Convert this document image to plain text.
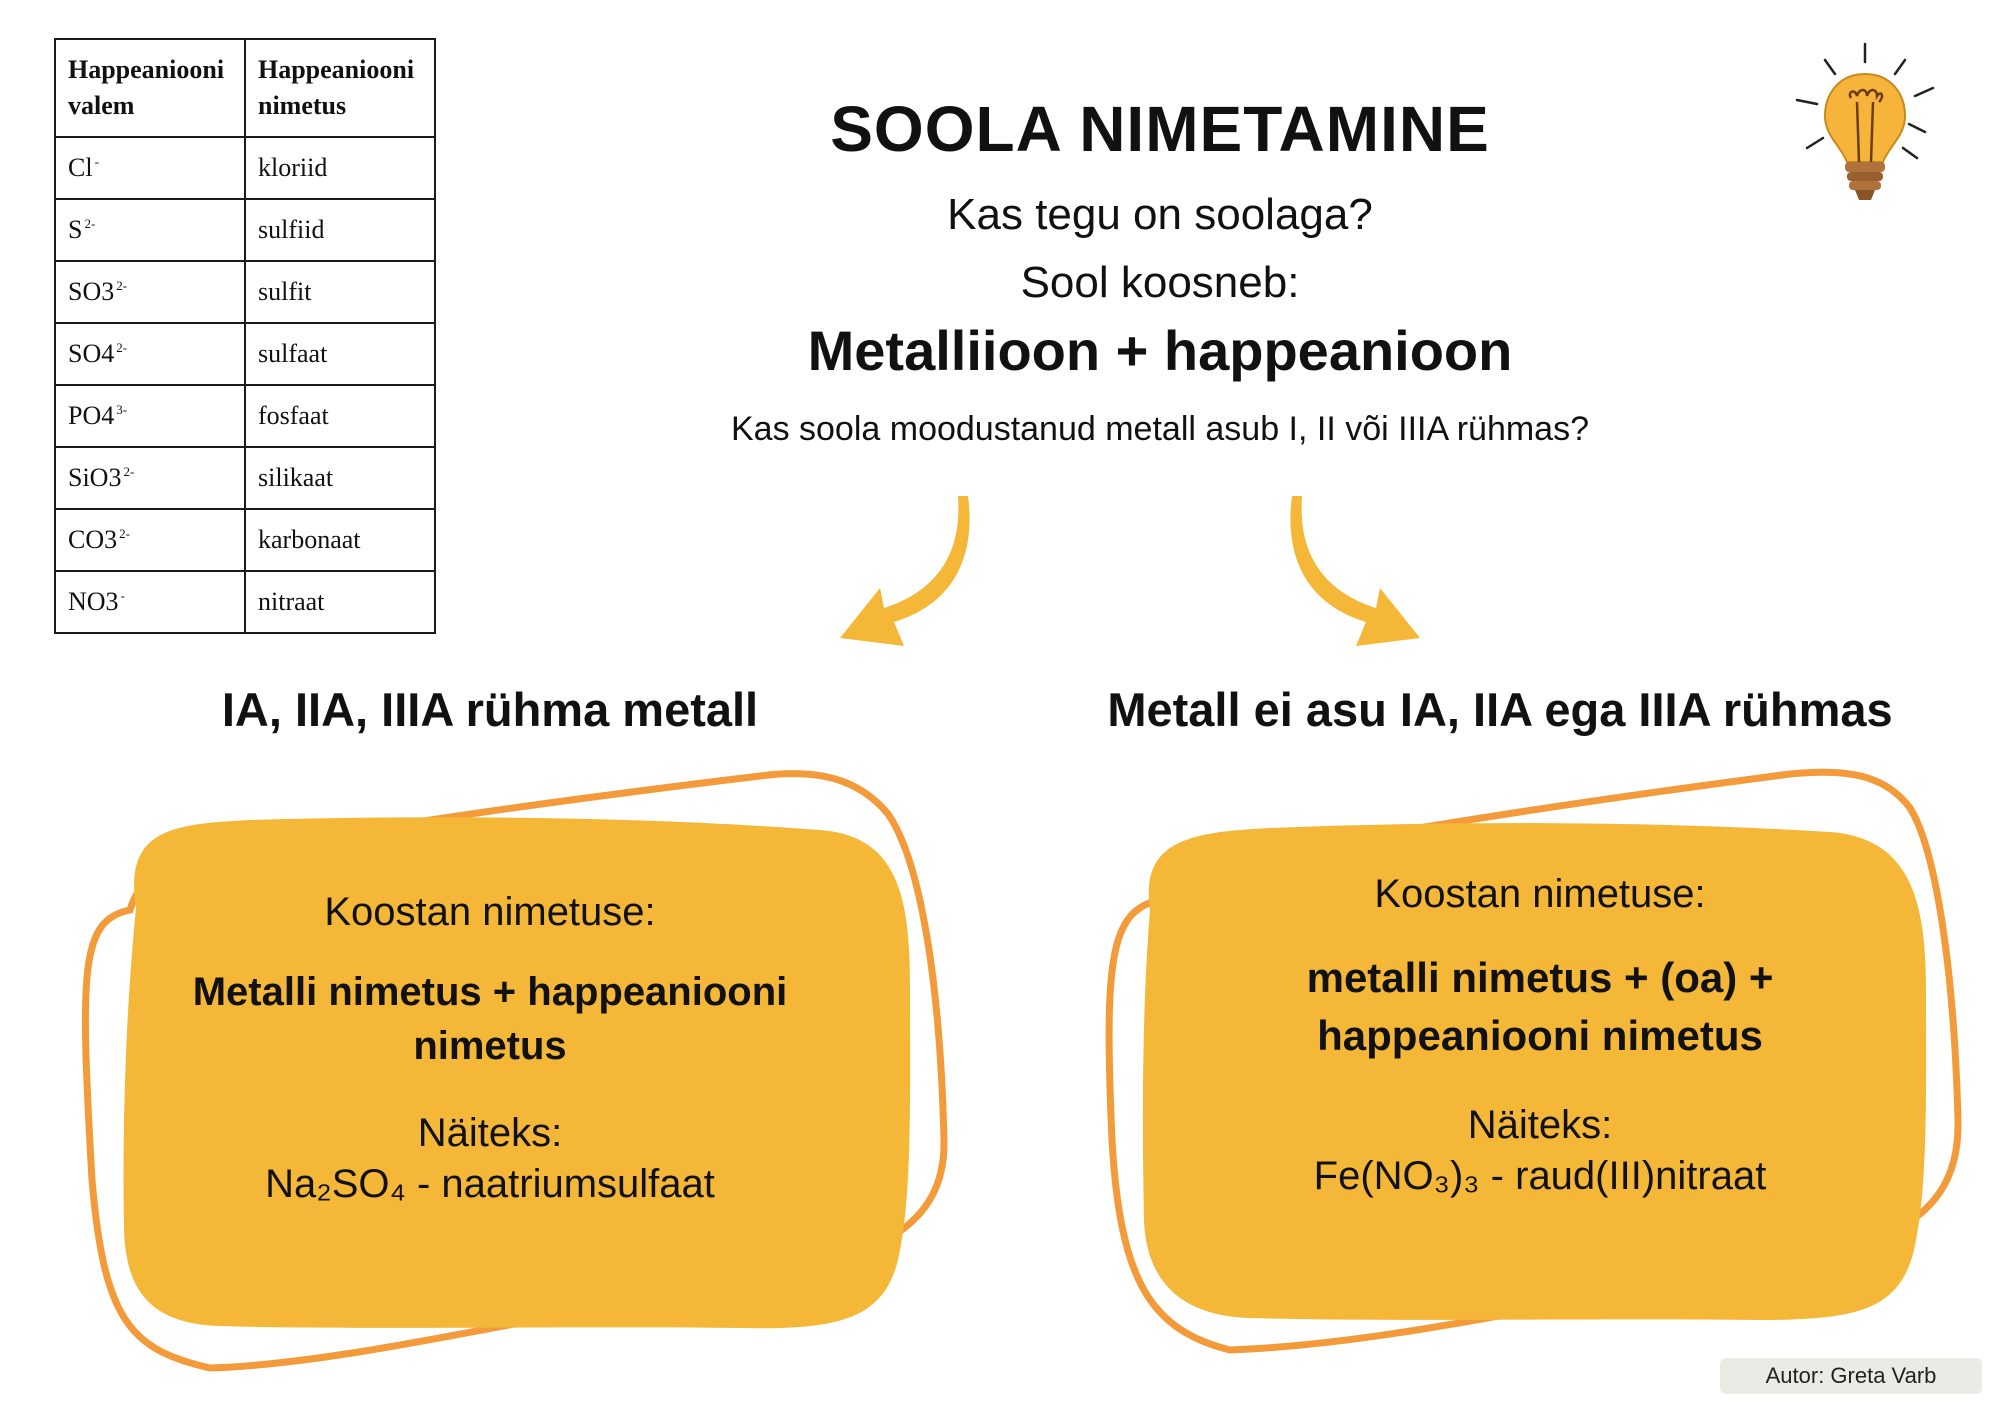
Happeaniooni valem	Happeaniooni nimetus
Cl -	kloriid
S $^{2-}$	sulfiid
SO3 $^{2-}$	sulfit
SO4 $^{2-}$	sulfaat
PO4 $^{3-}$	fosfaat
SiO3 $^{2-}$	silikaat
CO3 $^{2-}$	karbonaat
NO3 -	nitraat
SOOLA NIMETAMINE

Kas tegu on soolaga?

Sool koosneb:

Metalliioon + happeanioon

Kas soola moodustanud metall asub I, II või IIIA rühmas?

IA, IIA, IIIA rühma metall	Metall ei asu IA, IIA ega IIIA rühmas

Koostan nimetuse:

Metalli nimetus + happeaniooni nimetus

Näiteks:

Na₂SO₄ - naatriumsulfaat

Koostan nimetuse:

metalli nimetus + (oa) + happeaniooni nimetus

Näiteks:

Fe(NO₃)₃ - raud(III)nitraat

Autor: Greta Varb
